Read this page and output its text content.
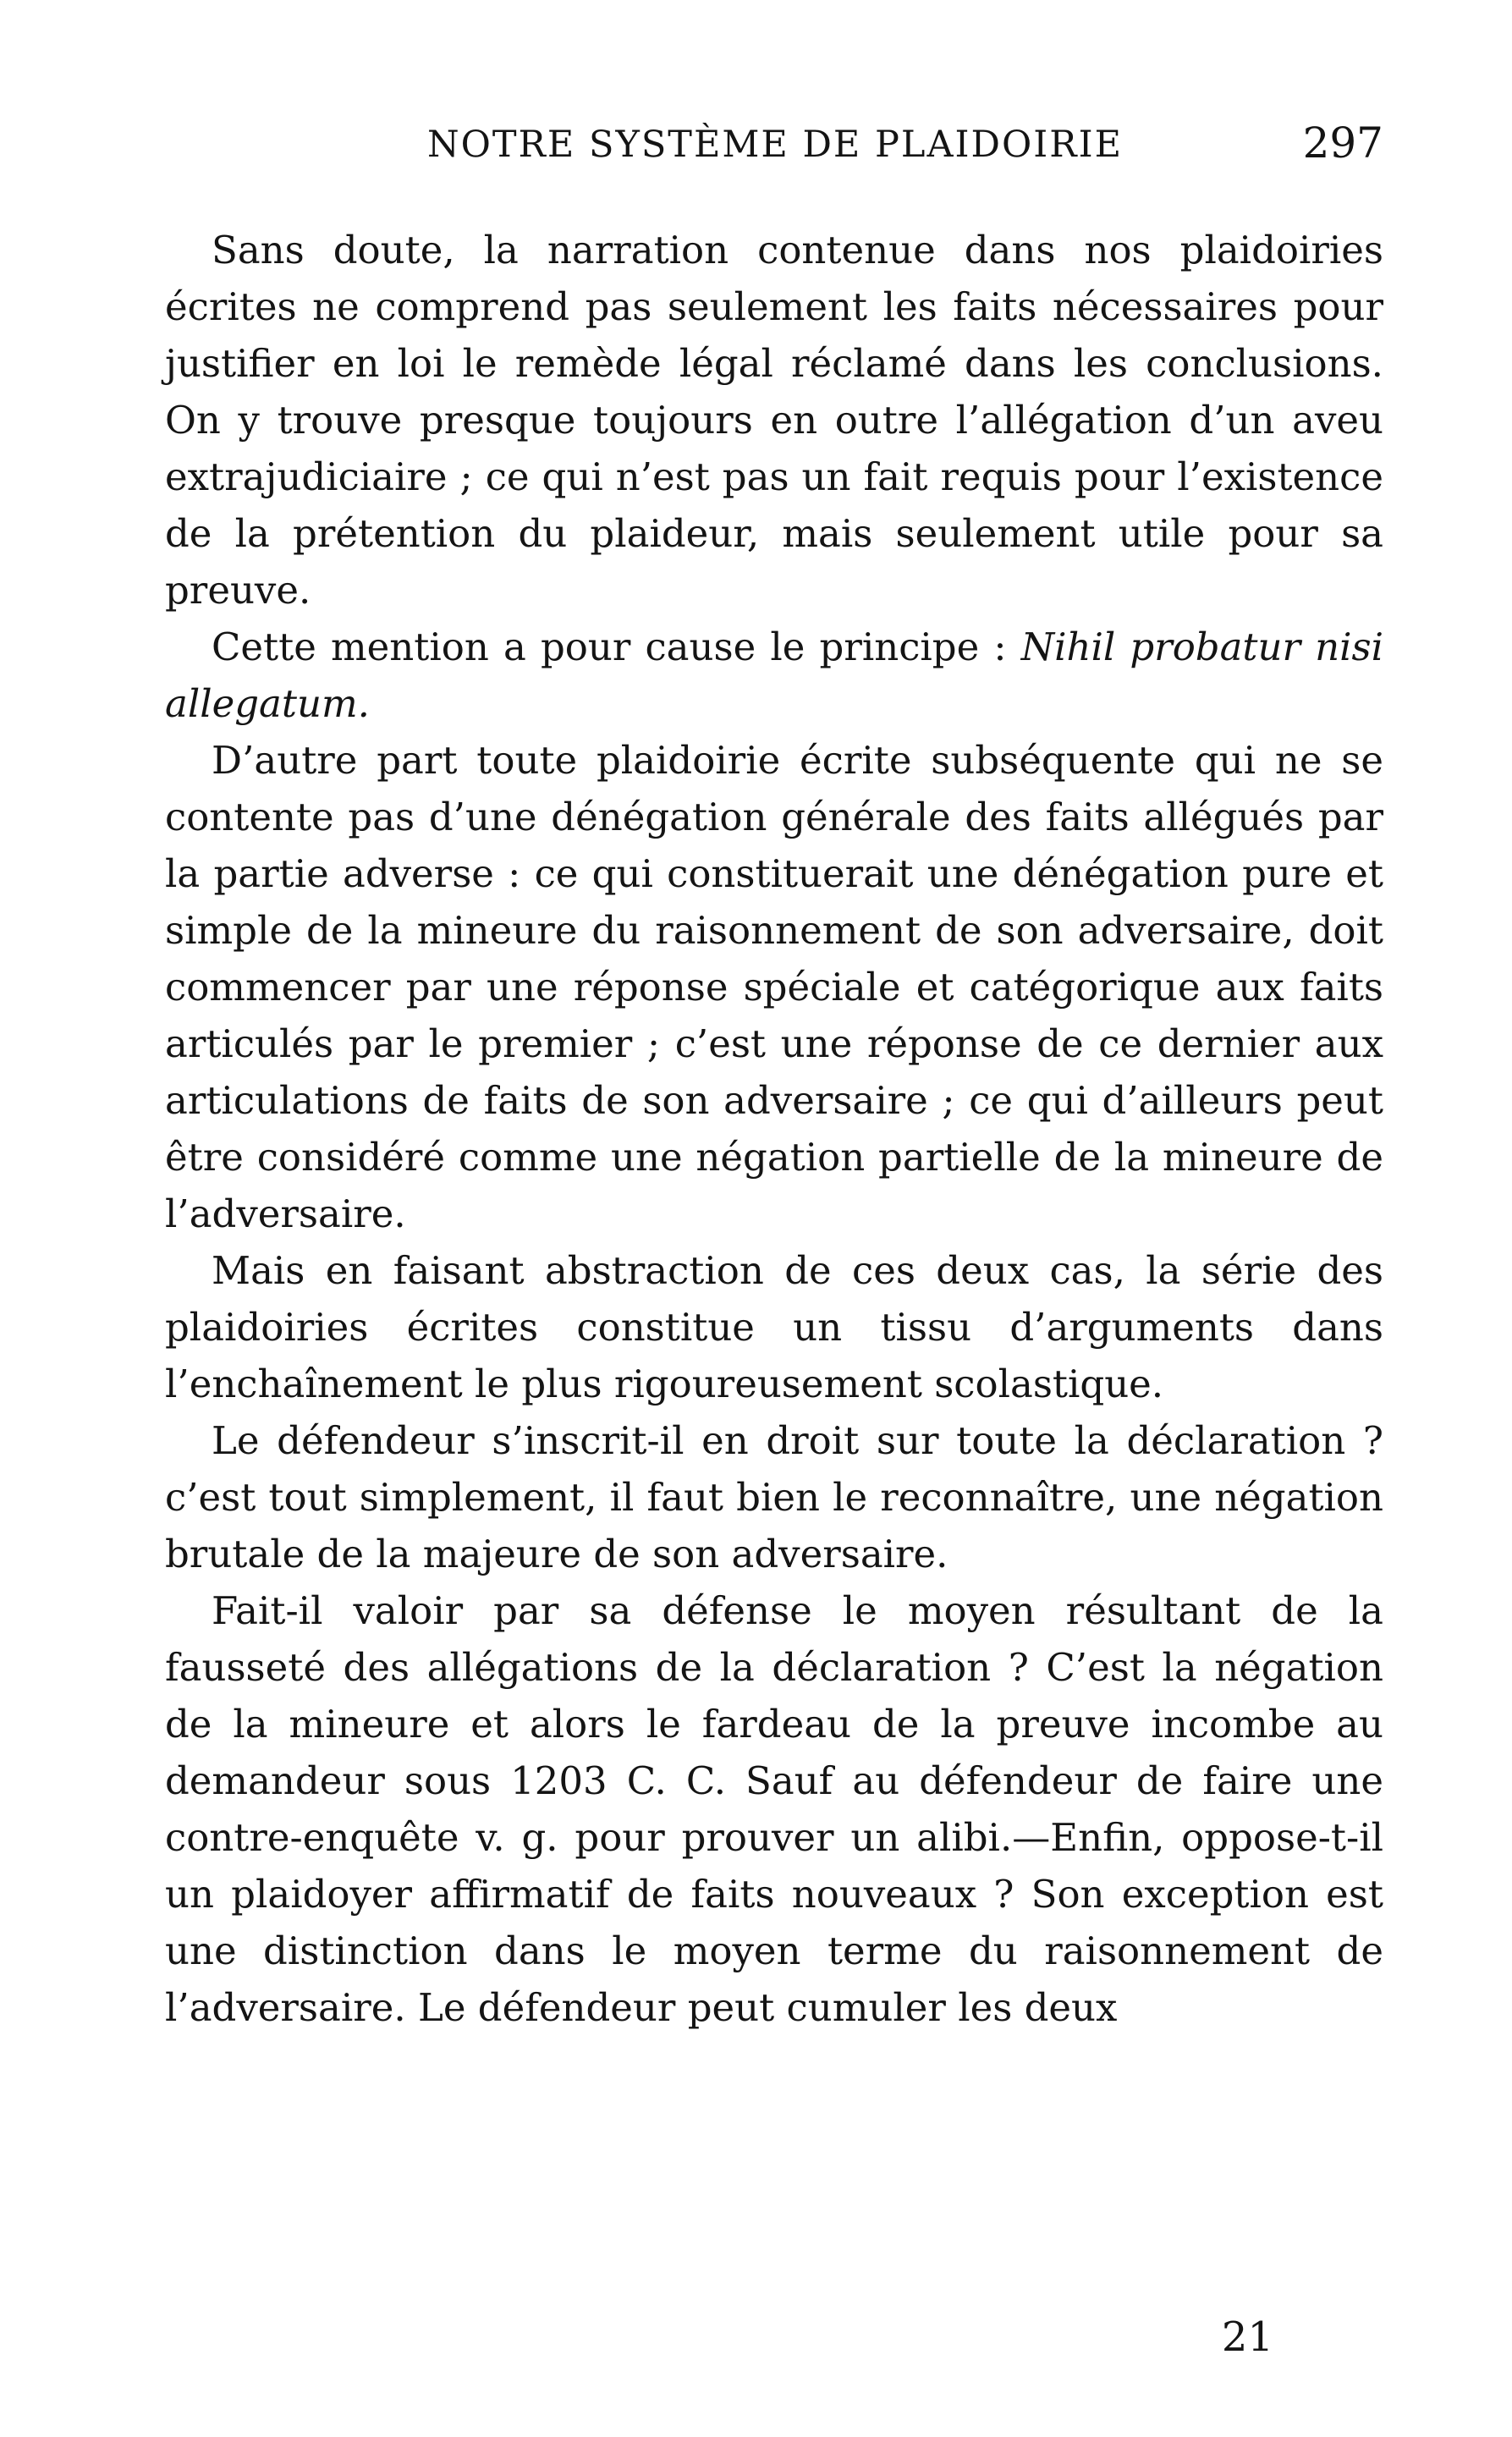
NOTRE SYSTÈME DE PLAIDOIRIE	297

Sans doute, la narration contenue dans nos plaidoiries écrites ne comprend pas seulement les faits nécessaires pour justifier en loi le remède légal réclamé dans les conclusions. On y trouve presque toujours en outre l’allégation d’un aveu extrajudiciaire ; ce qui n’est pas un fait requis pour l’existence de la prétention du plaideur, mais seulement utile pour sa preuve.

Cette mention a pour cause le principe : Nihil probatur nisi allegatum.

D’autre part toute plaidoirie écrite subséquente qui ne se contente pas d’une dénégation générale des faits allégués par la partie adverse : ce qui constituerait une dénégation pure et simple de la mineure du raisonnement de son adversaire, doit commencer par une réponse spéciale et catégorique aux faits articulés par le premier ; c’est une réponse de ce dernier aux articulations de faits de son adversaire ; ce qui d’ailleurs peut être considéré comme une négation partielle de la mineure de l’adversaire.

Mais en faisant abstraction de ces deux cas, la série des plaidoiries écrites constitue un tissu d’arguments dans l’enchaînement le plus rigoureusement scolastique.

Le défendeur s’inscrit-il en droit sur toute la déclaration ? c’est tout simplement, il faut bien le reconnaître, une négation brutale de la majeure de son adversaire.

Fait-il valoir par sa défense le moyen résultant de la fausseté des allégations de la déclaration ? C’est la négation de la mineure et alors le fardeau de la preuve incombe au demandeur sous 1203 C. C. Sauf au défendeur de faire une contre-enquête v. g. pour prouver un alibi.—Enfin, oppose-t-il un plaidoyer affirmatif de faits nouveaux ? Son exception est une distinction dans le moyen terme du raisonnement de l’adversaire. Le défendeur peut cumuler les deux

21
